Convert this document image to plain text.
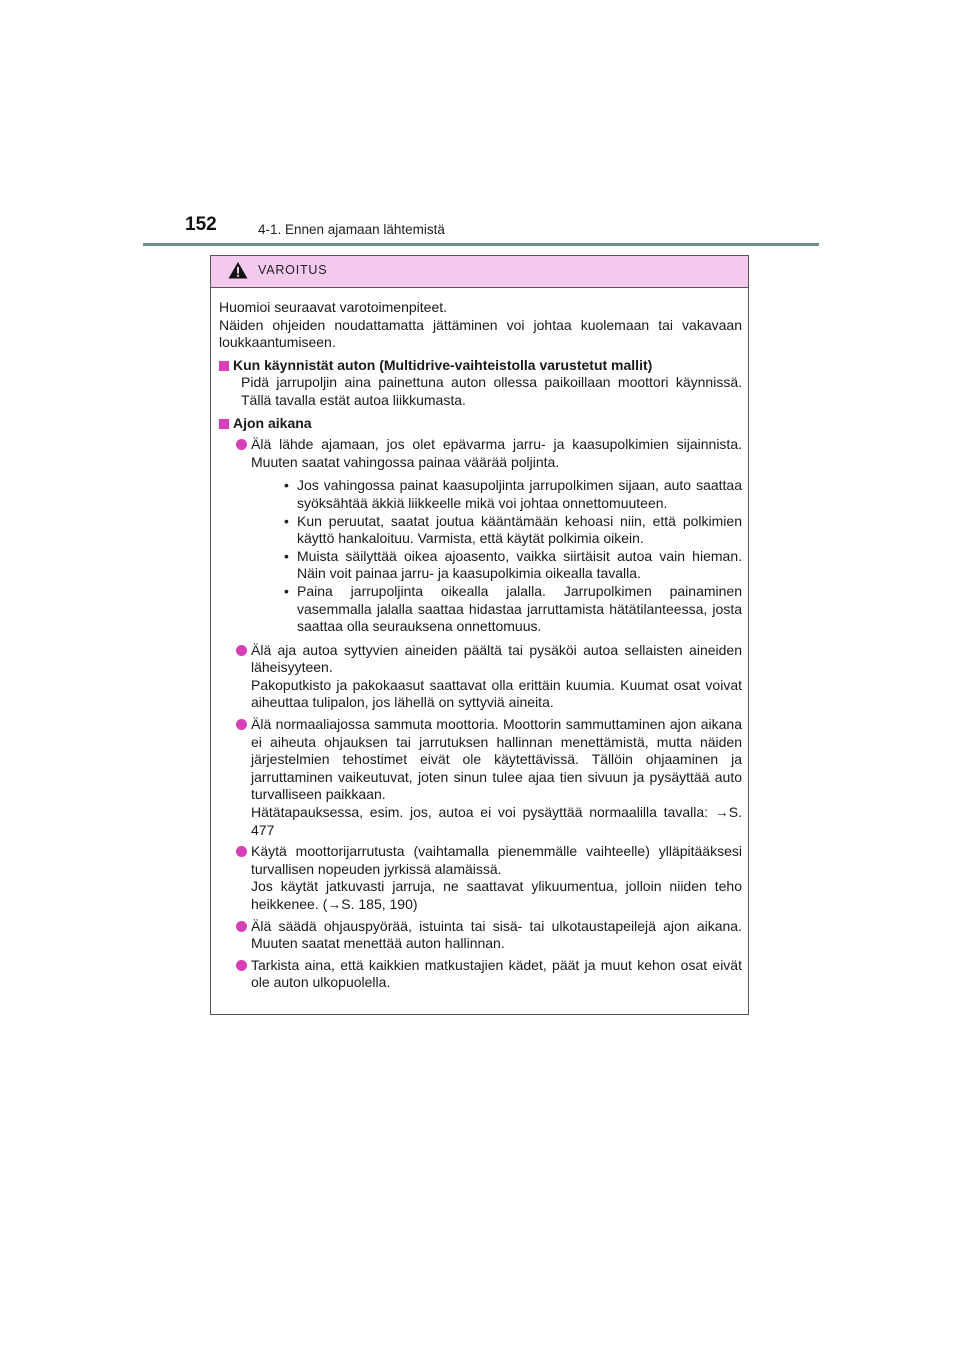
152	4-1. Ennen ajamaan lähtemistä
VAROITUS

Huomioi seuraavat varotoimenpiteet.

Näiden ohjeiden noudattamatta jättäminen voi johtaa kuolemaan tai vakavaan loukkaantumiseen.

Kun käynnistät auton (Multidrive-vaihteistolla varustetut mallit)

Pidä jarrupoljin aina painettuna auton ollessa paikoillaan moottori käynnissä. Tällä tavalla estät autoa liikkumasta.

Ajon aikana

Älä lähde ajamaan, jos olet epävarma jarru- ja kaasupolkimien sijainnista. Muuten saatat vahingossa painaa väärää poljinta.

• Jos vahingossa painat kaasupoljinta jarrupolkimen sijaan, auto saattaa syöksähtää äkkiä liikkeelle mikä voi johtaa onnettomuuteen.
• Kun peruutat, saatat joutua kääntämään kehoasi niin, että polkimien käyttö hankaloituu. Varmista, että käytät polkimia oikein.
• Muista säilyttää oikea ajoasento, vaikka siirtäisit autoa vain hieman. Näin voit painaa jarru- ja kaasupolkimia oikealla tavalla.
• Paina jarrupoljinta oikealla jalalla. Jarrupolkimen painaminen vasemmalla jalalla saattaa hidastaa jarruttamista hätätilanteessa, josta saattaa olla seurauksena onnettomuus.

Älä aja autoa syttyvien aineiden päältä tai pysäköi autoa sellaisten aineiden läheisyyteen.

Pakoputkisto ja pakokaasut saattavat olla erittäin kuumia. Kuumat osat voivat aiheuttaa tulipalon, jos lähellä on syttyviä aineita.

Älä normaaliajossa sammuta moottoria. Moottorin sammuttaminen ajon aikana ei aiheuta ohjauksen tai jarrutuksen hallinnan menettämistä, mutta näiden järjestelmien tehostimet eivät ole käytettävissä. Tällöin ohjaaminen ja jarruttaminen vaikeutuvat, joten sinun tulee ajaa tien sivuun ja pysäyttää auto turvalliseen paikkaan.

Hätätapauksessa, esim. jos, autoa ei voi pysäyttää normaalilla tavalla: →S. 477

Käytä moottorijarrutusta (vaihtamalla pienemmälle vaihteelle) ylläpitääksesi turvallisen nopeuden jyrkissä alamäissä.

Jos käytät jatkuvasti jarruja, ne saattavat ylikuumentua, jolloin niiden teho heikkenee. (→S. 185, 190)

Älä säädä ohjauspyörää, istuinta tai sisä- tai ulkotaustapeilejä ajon aikana. Muuten saatat menettää auton hallinnan.

Tarkista aina, että kaikkien matkustajien kädet, päät ja muut kehon osat eivät ole auton ulkopuolella.
